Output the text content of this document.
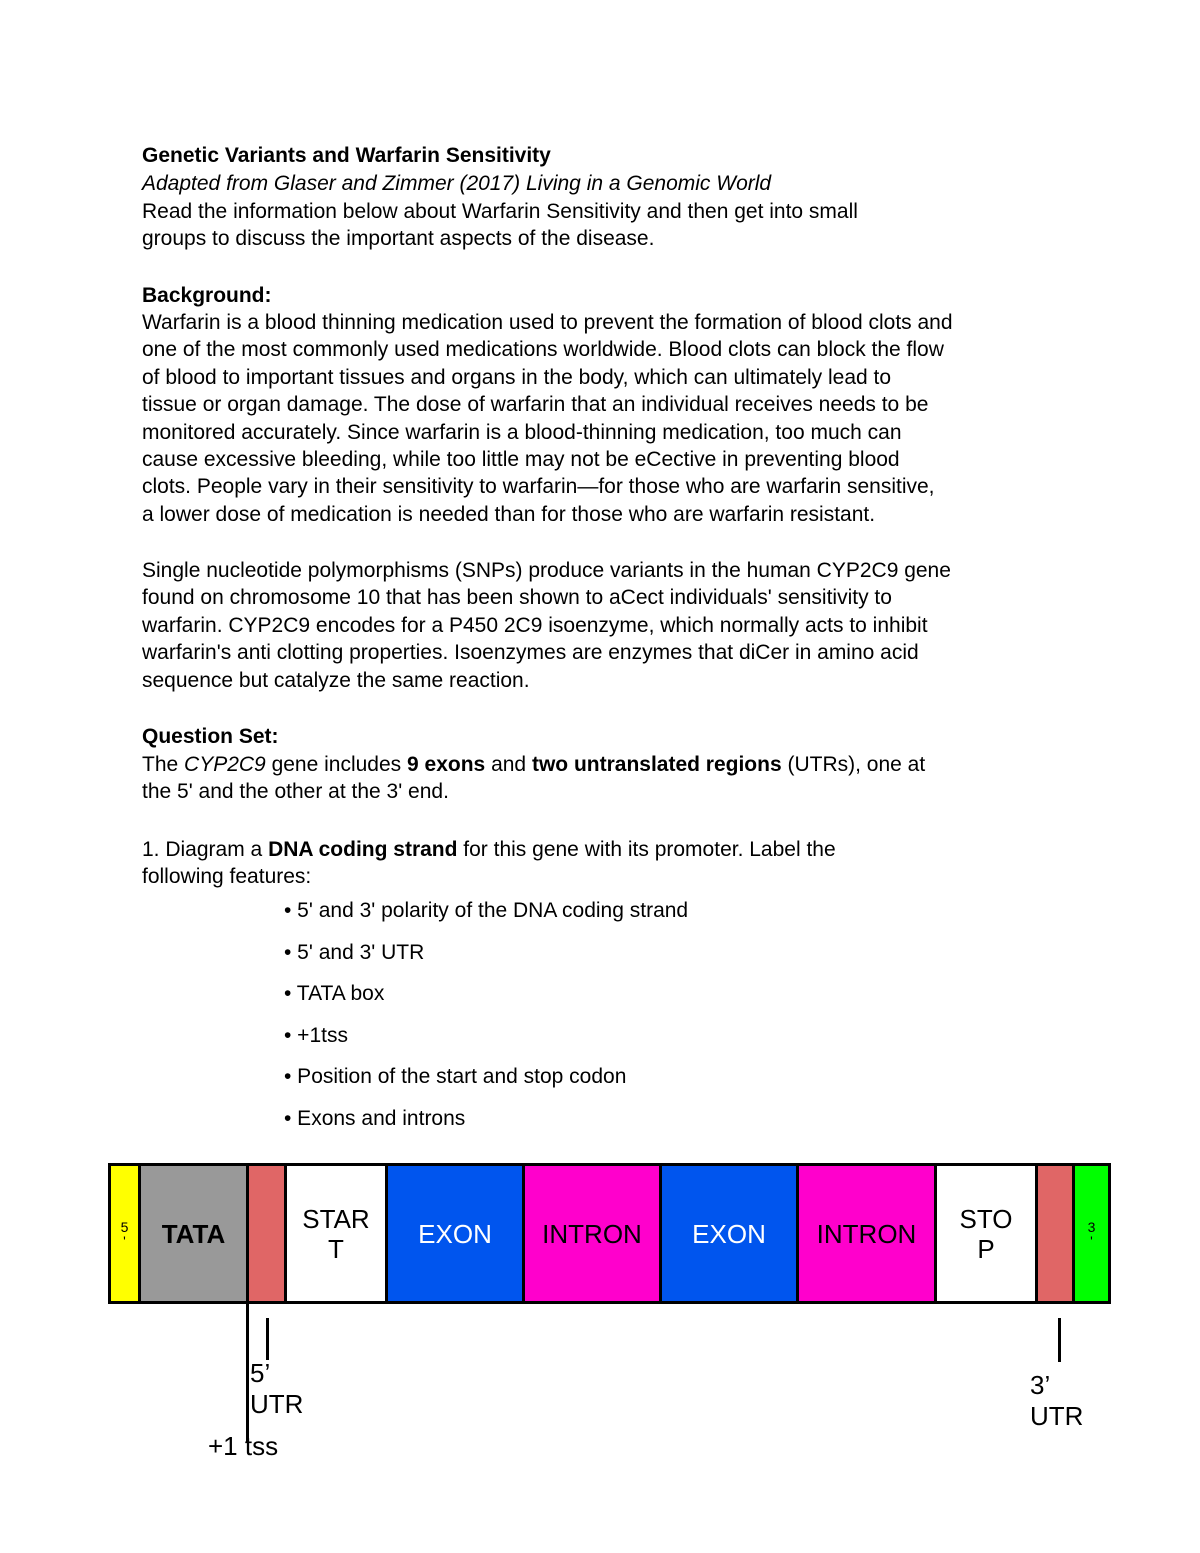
Genetic Variants and Warfarin Sensitivity
Adapted from Glaser and Zimmer (2017) Living in a Genomic World
Read the information below about Warfarin Sensitivity and then get into small
groups to discuss the important aspects of the disease.
Background:
Warfarin is a blood thinning medication used to prevent the formation of blood clots and
one of the most commonly used medications worldwide. Blood clots can block the flow
of blood to important tissues and organs in the body, which can ultimately lead to
tissue or organ damage. The dose of warfarin that an individual receives needs to be
monitored accurately. Since warfarin is a blood-thinning medication, too much can
cause excessive bleeding, while too little may not be eCective in preventing blood
clots. People vary in their sensitivity to warfarin—for those who are warfarin sensitive,
a lower dose of medication is needed than for those who are warfarin resistant.
Single nucleotide polymorphisms (SNPs) produce variants in the human CYP2C9 gene
found on chromosome 10 that has been shown to aCect individuals' sensitivity to
warfarin. CYP2C9 encodes for a P450 2C9 isoenzyme, which normally acts to inhibit
warfarin's anti clotting properties. Isoenzymes are enzymes that diCer in amino acid
sequence but catalyze the same reaction.
Question Set:
The CYP2C9 gene includes 9 exons and two untranslated regions (UTRs), one at
the 5' and the other at the 3' end.
1. Diagram a DNA coding strand for this gene with its promoter. Label the
following features:
• 5' and 3' polarity of the DNA coding strand
• 5' and 3' UTR
• TATA box
• +1tss
• Position of the start and stop codon
• Exons and introns
5
' TATA	STAR
T	EXON INTRON EXON INTRON STO
P
3
'
5’
UTR
+1 tss
3’
UTR
